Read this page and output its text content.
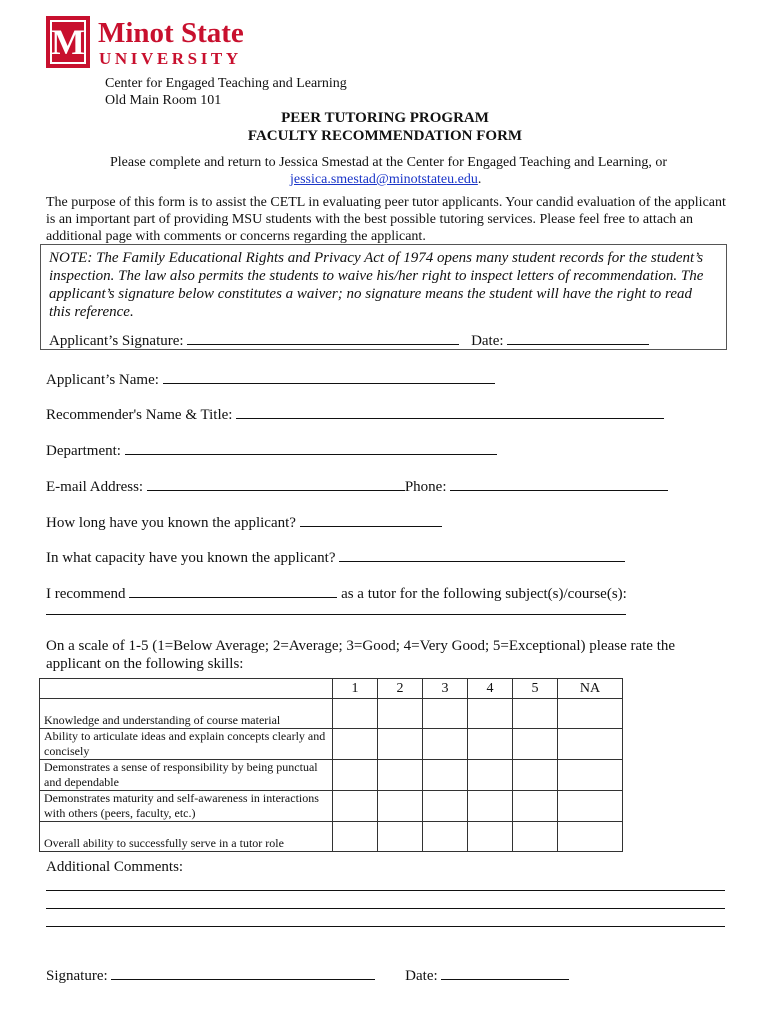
M Minot State
UNIVERSITY
Center for Engaged Teaching and Learning
Old Main Room 101
PEER TUTORING PROGRAM
FACULTY RECOMMENDATION FORM
Please complete and return to Jessica Smestad at the Center for Engaged Teaching and Learning, or
jessica.smestad@minotstateu.edu.
The purpose of this form is to assist the CETL in evaluating peer tutor applicants. Your candid evaluation of the applicant
is an important part of providing MSU students with the best possible tutoring services. Please feel free to attach an
additional page with comments or concerns regarding the applicant.
NOTE: The Family Educational Rights and Privacy Act of 1974 opens many student records for the student’s inspection. The law also permits the students to waive his/her right to inspect letters of recommendation. The applicant’s signature below constitutes a waiver; no signature means the student will have the right to read this reference.
Applicant’s Signature:	Date:
Applicant’s Name:
Recommender's Name & Title:
Department:
E-mail Address:	Phone:
How long have you known the applicant?
In what capacity have you known the applicant?
I recommend	as a tutor for the following subject(s)/course(s):
On a scale of 1-5 (1=Below Average; 2=Average; 3=Good; 4=Very Good; 5=Exceptional) please rate the
applicant on the following skills:
	1	2	3	4	5	NA
Knowledge and understanding of course material						
Ability to articulate ideas and explain concepts clearly and concisely						
Demonstrates a sense of responsibility by being punctual and dependable						
Demonstrates maturity and self-awareness in interactions with others (peers, faculty, etc.)						
Overall ability to successfully serve in a tutor role						
Additional Comments:
Signature:	Date:
